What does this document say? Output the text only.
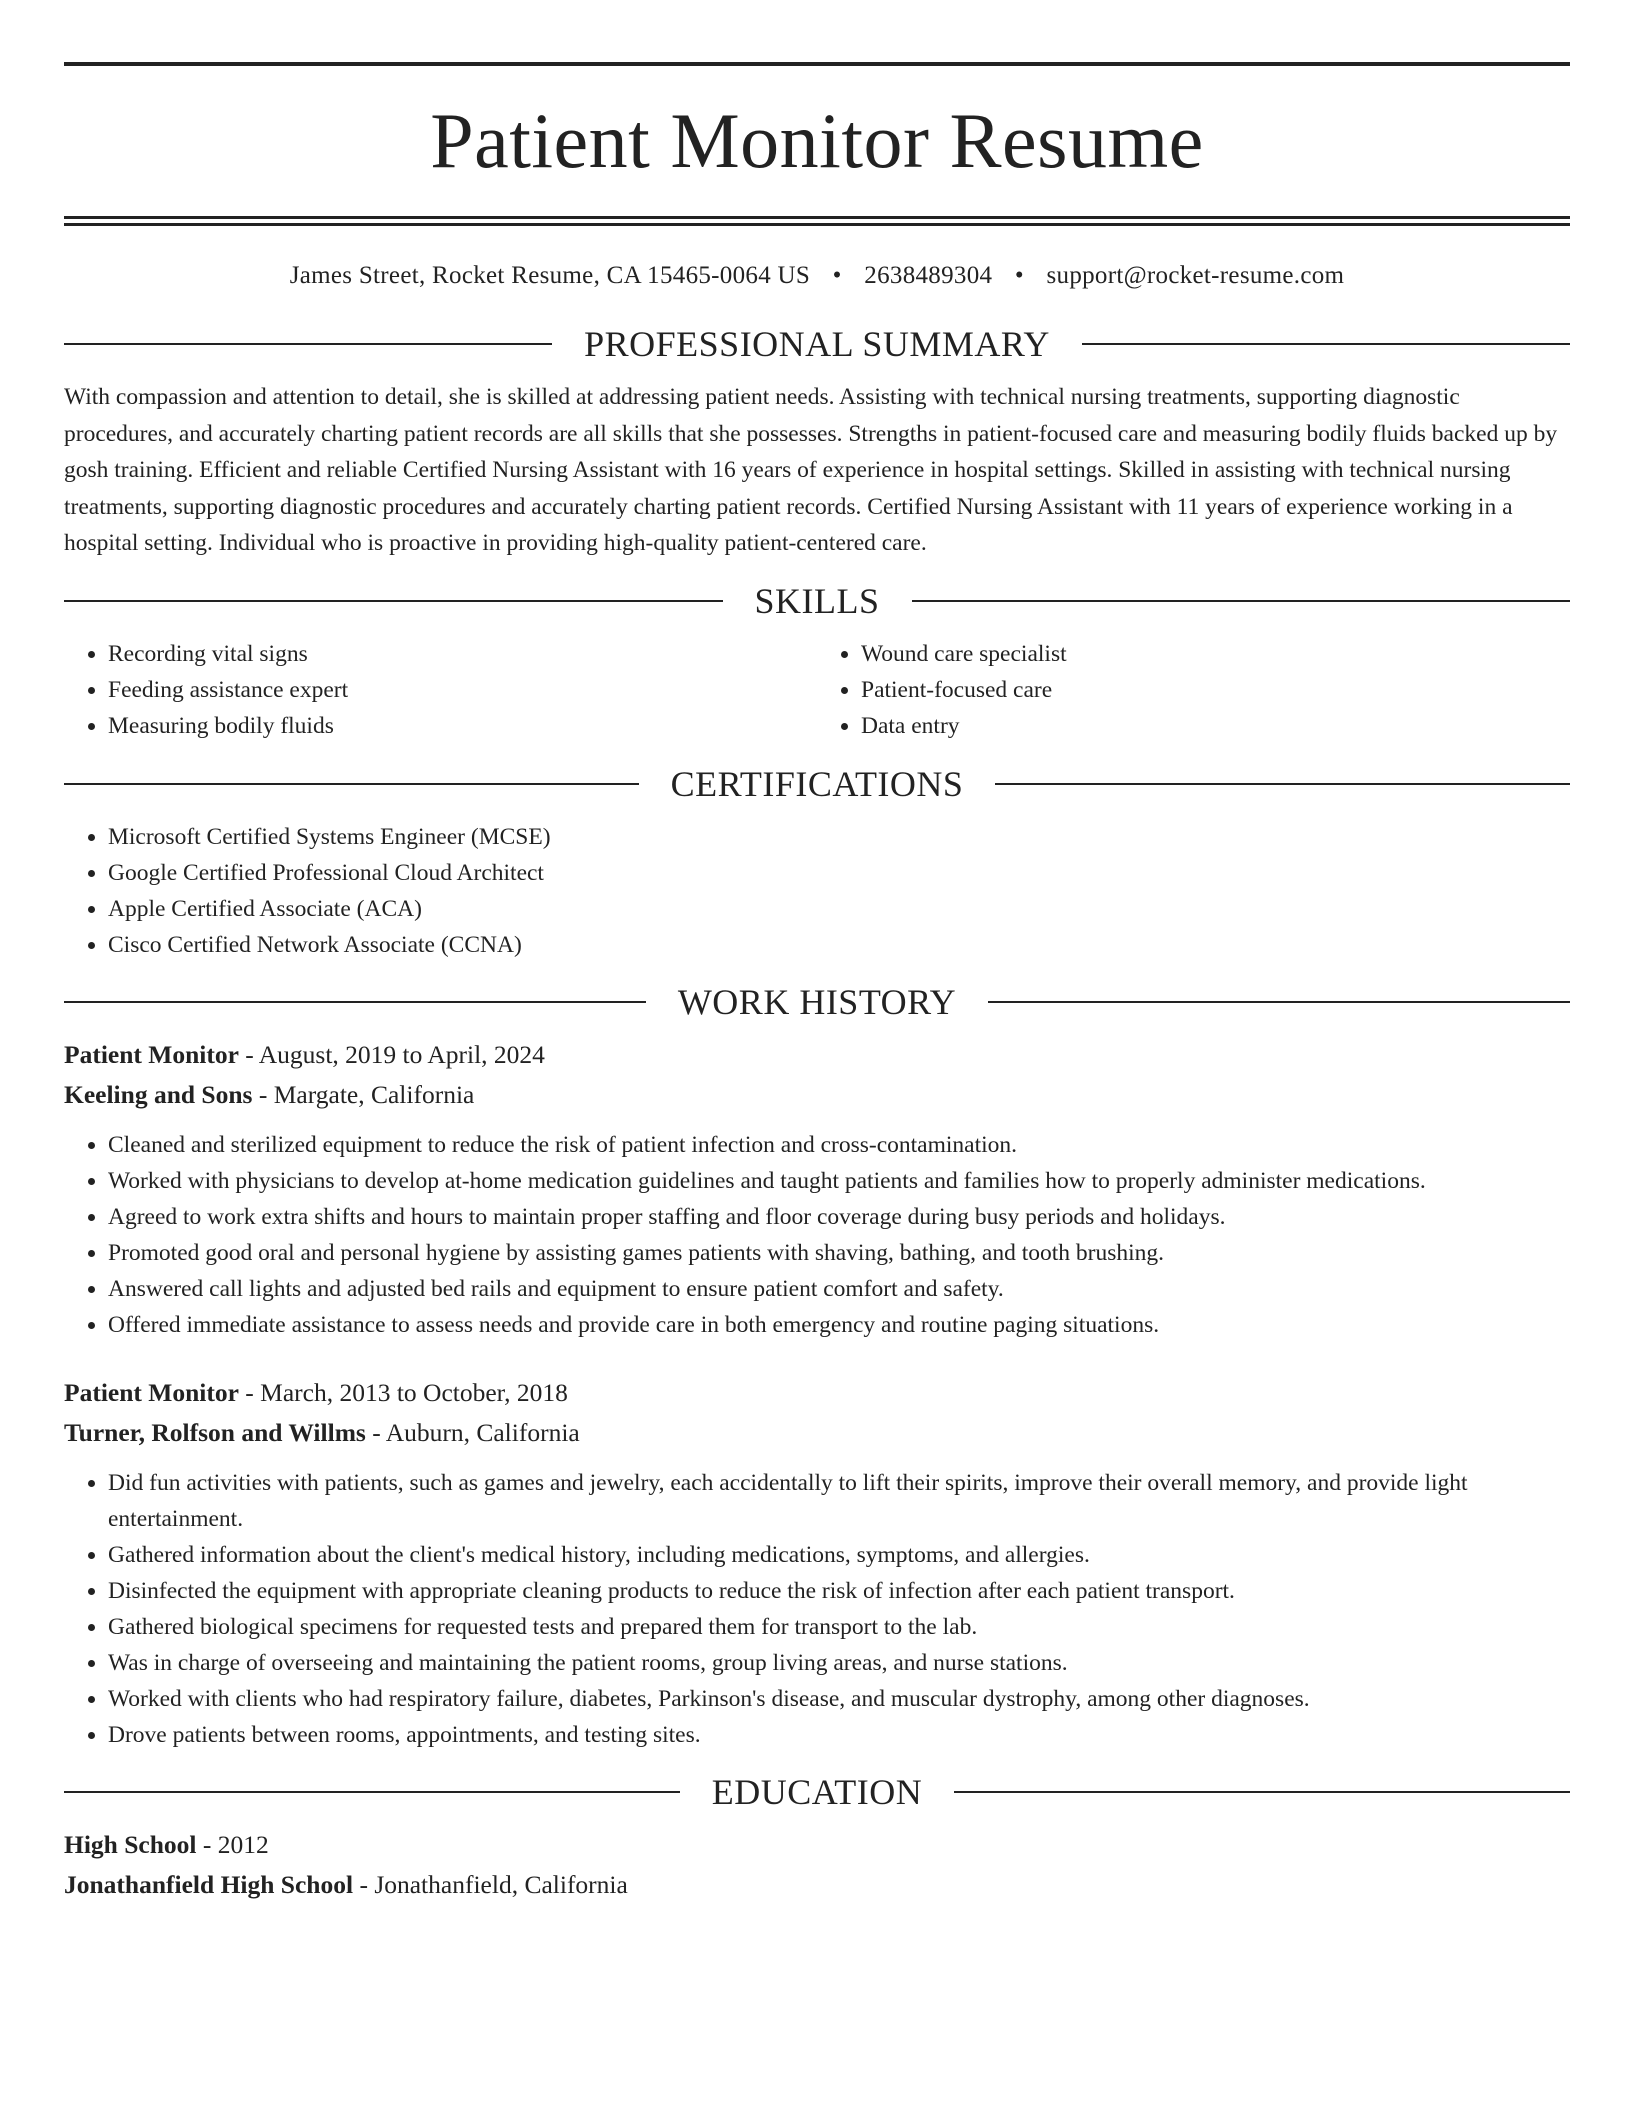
Patient Monitor Resume
James Street, Rocket Resume, CA 15465-0064 US • 2638489304 • support@rocket-resume.com
PROFESSIONAL SUMMARY

With compassion and attention to detail, she is skilled at addressing patient needs. Assisting with technical nursing treatments, supporting diagnostic procedures, and accurately charting patient records are all skills that she possesses. Strengths in patient-focused care and measuring bodily fluids backed up by gosh training. Efficient and reliable Certified Nursing Assistant with 16 years of experience in hospital settings. Skilled in assisting with technical nursing treatments, supporting diagnostic procedures and accurately charting patient records. Certified Nursing Assistant with 11 years of experience working in a hospital setting. Individual who is proactive in providing high-quality patient-centered care.

SKILLS
• Recording vital signs
• Feeding assistance expert
• Measuring bodily fluids
• Wound care specialist
• Patient-focused care
• Data entry
CERTIFICATIONS
• Microsoft Certified Systems Engineer (MCSE)
• Google Certified Professional Cloud Architect
• Apple Certified Associate (ACA)
• Cisco Certified Network Associate (CCNA)
WORK HISTORY
Patient Monitor - August, 2019 to April, 2024
Keeling and Sons - Margate, California
• Cleaned and sterilized equipment to reduce the risk of patient infection and cross-contamination.
• Worked with physicians to develop at-home medication guidelines and taught patients and families how to properly administer medications.
• Agreed to work extra shifts and hours to maintain proper staffing and floor coverage during busy periods and holidays.
• Promoted good oral and personal hygiene by assisting games patients with shaving, bathing, and tooth brushing.
• Answered call lights and adjusted bed rails and equipment to ensure patient comfort and safety.
• Offered immediate assistance to assess needs and provide care in both emergency and routine paging situations.
Patient Monitor - March, 2013 to October, 2018
Turner, Rolfson and Willms - Auburn, California
• Did fun activities with patients, such as games and jewelry, each accidentally to lift their spirits, improve their overall memory, and provide light entertainment.
• Gathered information about the client's medical history, including medications, symptoms, and allergies.
• Disinfected the equipment with appropriate cleaning products to reduce the risk of infection after each patient transport.
• Gathered biological specimens for requested tests and prepared them for transport to the lab.
• Was in charge of overseeing and maintaining the patient rooms, group living areas, and nurse stations.
• Worked with clients who had respiratory failure, diabetes, Parkinson's disease, and muscular dystrophy, among other diagnoses.
• Drove patients between rooms, appointments, and testing sites.
EDUCATION
High School - 2012
Jonathanfield High School - Jonathanfield, California
